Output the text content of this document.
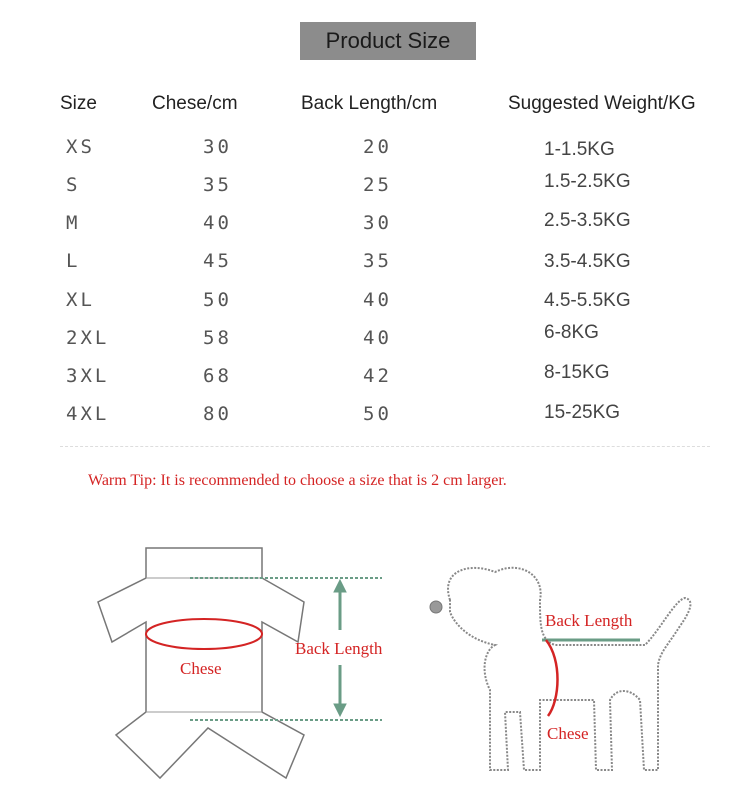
Product Size
Size	Chese/cm	Back Length/cm	Suggested Weight/KG
XS	30	20	1-1.5KG
S	35	25	1.5-2.5KG
M	40	30	2.5-3.5KG
L	45	35	3.5-4.5KG
XL	50	40	4.5-5.5KG
2XL	58	40	6-8KG
3XL	68	42	8-15KG
4XL	80	50	15-25KG
Warm Tip: It is recommended to choose a size that is 2 cm larger.
Chese
Back Length
Back Length
Chese
